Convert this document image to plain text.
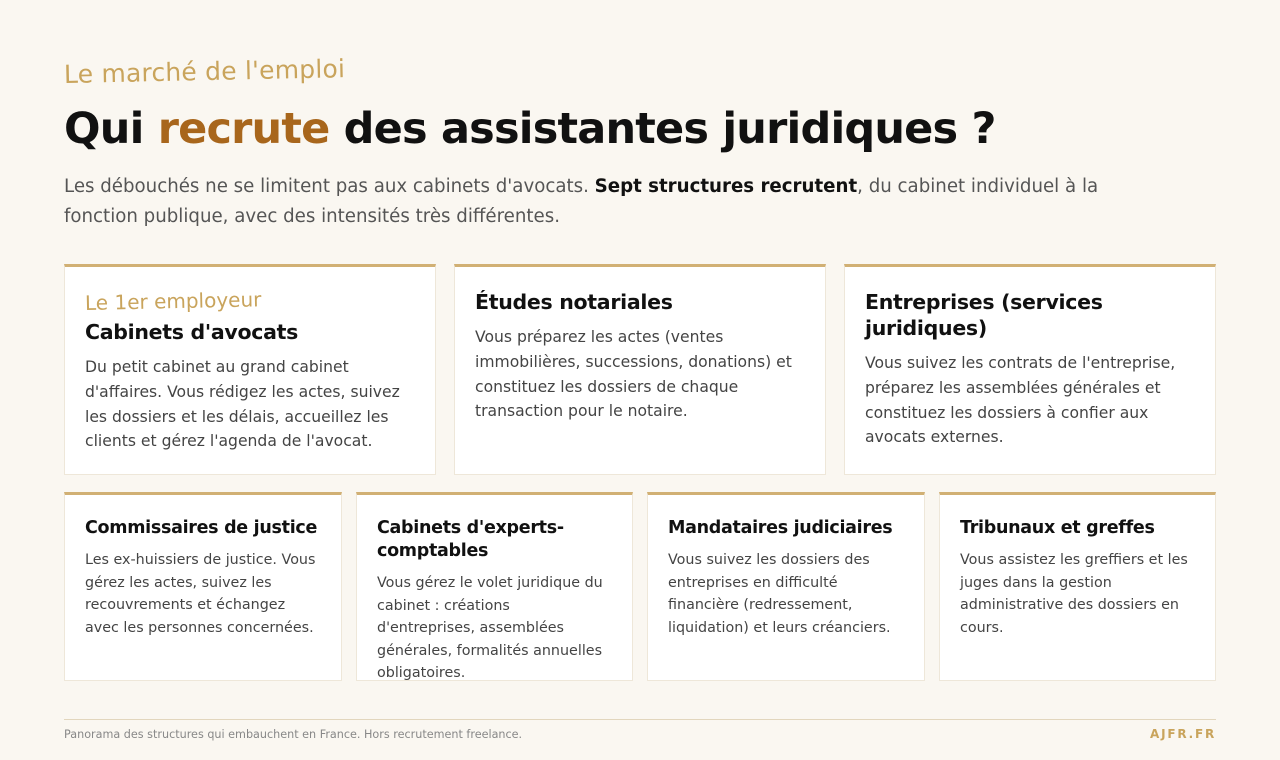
Le marché de l'emploi
Qui recrute des assistantes juridiques ?

Les débouchés ne se limitent pas aux cabinets d'avocats. Sept structures recrutent, du cabinet individuel à la fonction publique, avec des intensités très différentes.

Le 1er employeur
Cabinets d'avocats

Du petit cabinet au grand cabinet d'affaires. Vous rédigez les actes, suivez les dossiers et les délais, accueillez les clients et gérez l'agenda de l'avocat.

Études notariales

Vous préparez les actes (ventes immobilières, successions, donations) et constituez les dossiers de chaque transaction pour le notaire.

Entreprises (services juridiques)

Vous suivez les contrats de l'entreprise, préparez les assemblées générales et constituez les dossiers à confier aux avocats externes.

Commissaires de justice

Les ex-huissiers de justice. Vous gérez les actes, suivez les recouvrements et échangez avec les personnes concernées.

Cabinets d'experts-comptables

Vous gérez le volet juridique du cabinet : créations d'entreprises, assemblées générales, formalités annuelles obligatoires.

Mandataires judiciaires

Vous suivez les dossiers des entreprises en difficulté financière (redressement, liquidation) et leurs créanciers.

Tribunaux et greffes

Vous assistez les greffiers et les juges dans la gestion administrative des dossiers en cours.

Panorama des structures qui embauchent en France. Hors recrutement freelance.	AJFR.FR
